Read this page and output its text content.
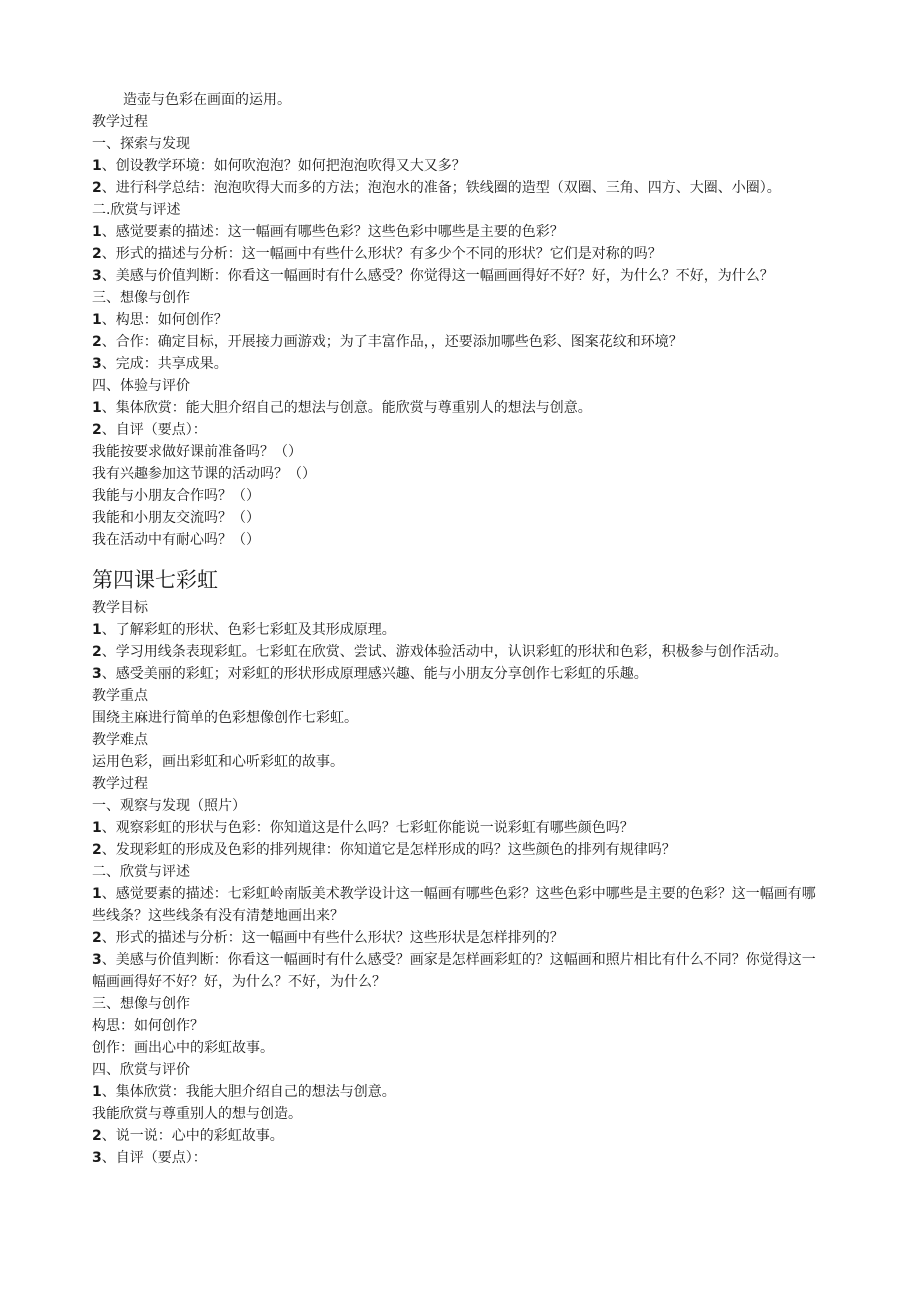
造壶与色彩在画面的运用。
教学过程
一、探索与发现
1、创设教学环境：如何吹泡泡？如何把泡泡吹得又大又多？
2、进行科学总结：泡泡吹得大而多的方法；泡泡水的准备；铁线圈的造型（双圈、三角、四方、大圈、小圈）。
二.欣赏与评述
1、感觉要素的描述：这一幅画有哪些色彩？这些色彩中哪些是主要的色彩？
2、形式的描述与分析：这一幅画中有些什么形状？有多少个不同的形状？它们是对称的吗？
3、美感与价值判断：你看这一幅画时有什么感受？你觉得这一幅画画得好不好？好，为什么？不好，为什么？
三、想像与创作
1、构思：如何创作？
2、合作：确定目标，开展接力画游戏；为了丰富作品，，还要添加哪些色彩、图案花纹和环境？
3、完成：共享成果。
四、体验与评价
1、集体欣赏：能大胆介绍自己的想法与创意。能欣赏与尊重别人的想法与创意。
2、自评（要点）：
我能按要求做好课前准备吗？（）
我有兴趣参加这节课的活动吗？（）
我能与小朋友合作吗？（）
我能和小朋友交流吗？（）
我在活动中有耐心吗？（）
第四课七彩虹
教学目标
1、了解彩虹的形状、色彩七彩虹及其形成原理。
2、学习用线条表现彩虹。七彩虹在欣赏、尝试、游戏体验活动中，认识彩虹的形状和色彩，积极参与创作活动。
3、感受美丽的彩虹；对彩虹的形状形成原理感兴趣、能与小朋友分享创作七彩虹的乐趣。
教学重点
围绕主麻进行简单的色彩想像创作七彩虹。
教学难点
运用色彩，画出彩虹和心听彩虹的故事。
教学过程
一、观察与发现（照片）
1、观察彩虹的形状与色彩：你知道这是什么吗？七彩虹你能说一说彩虹有哪些颜色吗？
2、发现彩虹的形成及色彩的排列规律：你知道它是怎样形成的吗？这些颜色的排列有规律吗？
二、欣赏与评述
1、感觉要素的描述：七彩虹岭南版美术教学设计这一幅画有哪些色彩？这些色彩中哪些是主要的色彩？这一幅画有哪些线条？这些线条有没有清楚地画出来？
2、形式的描述与分析：这一幅画中有些什么形状？这些形状是怎样排列的？
3、美感与价值判断：你看这一幅画时有什么感受？画家是怎样画彩虹的？这幅画和照片相比有什么不同？你觉得这一幅画画得好不好？好，为什么？不好，为什么？
三、想像与创作
构思：如何创作？
创作：画出心中的彩虹故事。
四、欣赏与评价
1、集体欣赏：我能大胆介绍自己的想法与创意。
我能欣赏与尊重别人的想与创造。
2、说一说：心中的彩虹故事。
3、自评（要点）：
